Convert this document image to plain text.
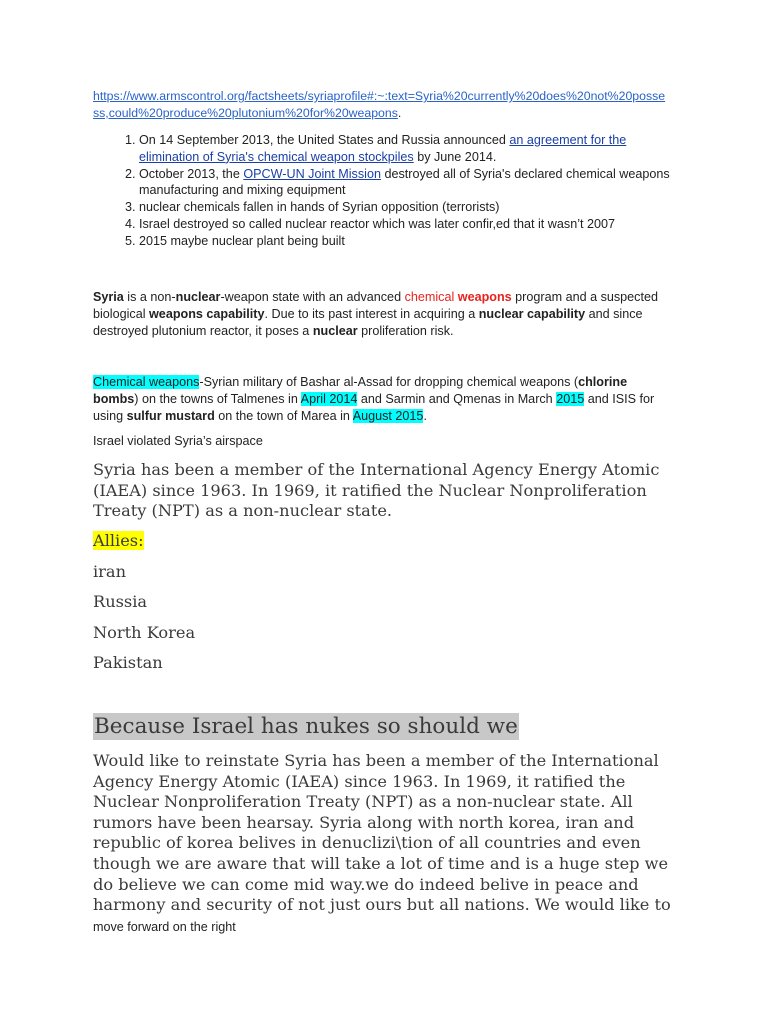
https://www.armscontrol.org/factsheets/syriaprofile#:~:text=Syria%20currently%20does%20not%20possess,could%20produce%20plutonium%20for%20weapons.
1. On 14 September 2013, the United States and Russia announced an agreement for the elimination of Syria's chemical weapon stockpiles by June 2014.
2. October 2013, the OPCW-UN Joint Mission destroyed all of Syria's declared chemical weapons manufacturing and mixing equipment
3. nuclear chemicals fallen in hands of Syrian opposition (terrorists)
4. Israel destroyed so called nuclear reactor which was later confir,ed that it wasn’t 2007
5. 2015 maybe nuclear plant being built

Syria is a non-nuclear-weapon state with an advanced chemical weapons program and a suspected biological weapons capability. Due to its past interest in acquiring a nuclear capability and since destroyed plutonium reactor, it poses a nuclear proliferation risk.

Chemical weapons-Syrian military of Bashar al-Assad for dropping chemical weapons (chlorine bombs) on the towns of Talmenes in April 2014 and Sarmin and Qmenas in March 2015 and ISIS for using sulfur mustard on the town of Marea in August 2015.

Israel violated Syria’s airspace

Syria has been a member of the International Agency Energy Atomic (IAEA) since 1963. In 1969, it ratified the Nuclear Nonproliferation Treaty (NPT) as a non-nuclear state.

Allies:
iran
Russia
North Korea
Pakistan
Because Israel has nukes so should we

Would like to reinstate Syria has been a member of the International Agency Energy Atomic (IAEA) since 1963. In 1969, it ratified the Nuclear Nonproliferation Treaty (NPT) as a non-nuclear state. All rumors have been hearsay. Syria along with north korea, iran and republic of korea belives in denuclizi\tion of all countries and even though we are aware that will take a lot of time and is a huge step we do believe we can come mid way.we do indeed belive in peace and harmony and security of not just ours but all nations. We would like to move forward on the right
